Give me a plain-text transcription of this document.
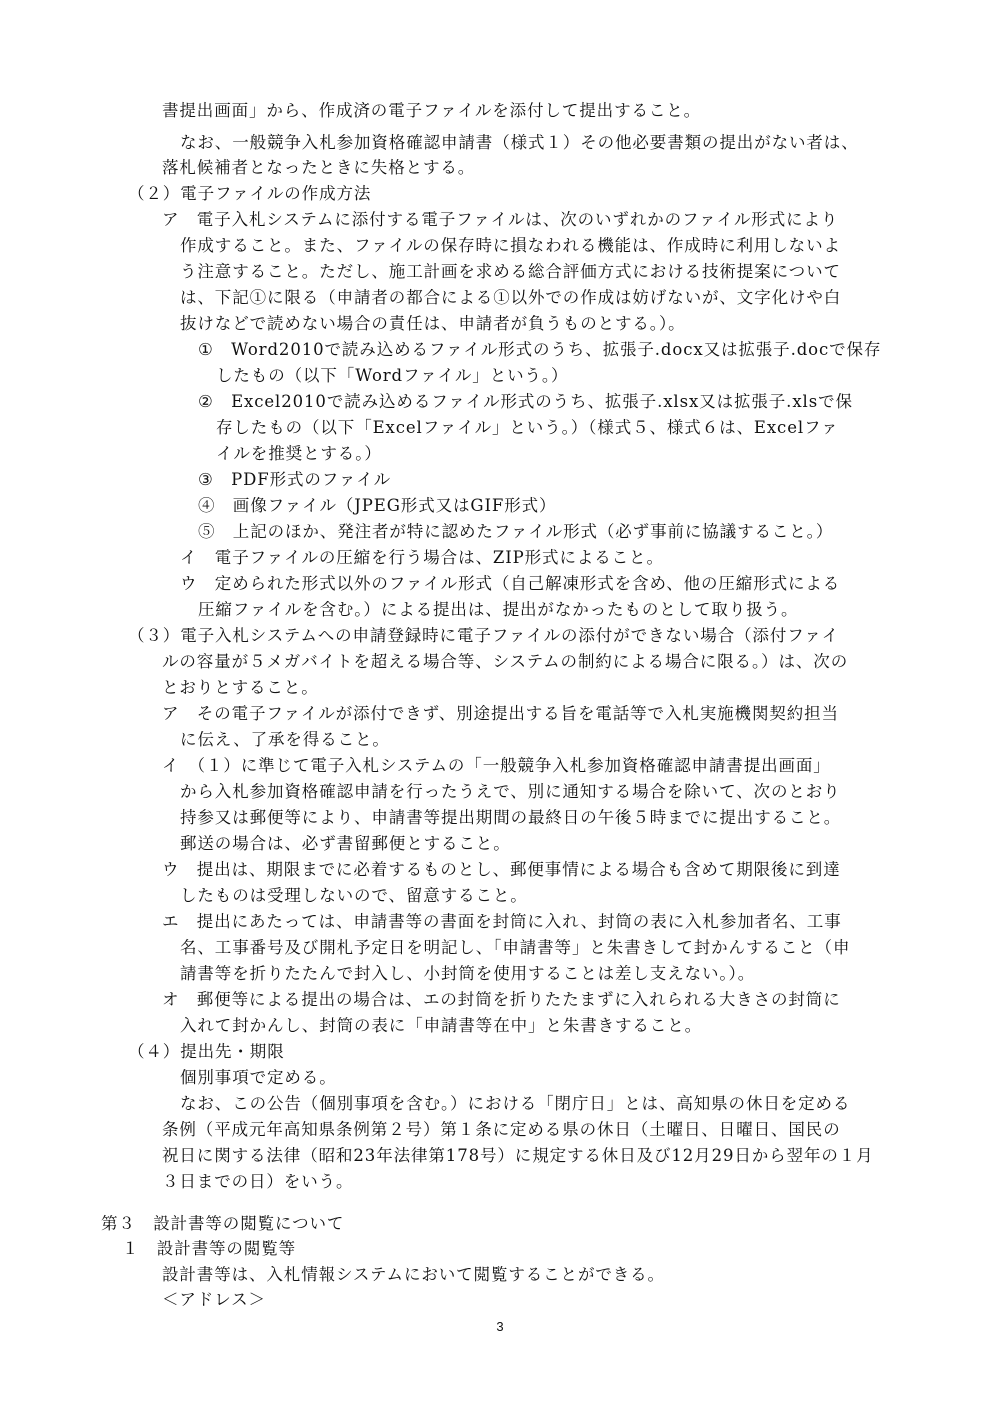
書提出画面」から、作成済の電子ファイルを添付して提出すること。
なお、一般競争入札参加資格確認申請書（様式１）その他必要書類の提出がない者は、
落札候補者となったときに失格とする。
（２）電子ファイルの作成方法
ア　電子入札システムに添付する電子ファイルは、次のいずれかのファイル形式により
作成すること。また、ファイルの保存時に損なわれる機能は、作成時に利用しないよ
う注意すること。ただし、施工計画を求める総合評価方式における技術提案について
は、下記①に限る（申請者の都合による①以外での作成は妨げないが、文字化けや白
抜けなどで読めない場合の責任は、申請者が負うものとする。）。
①　Word2010で読み込めるファイル形式のうち、拡張子.docx又は拡張子.docで保存
したもの（以下「Wordファイル」という。）
②　Excel2010で読み込めるファイル形式のうち、拡張子.xlsx又は拡張子.xlsで保
存したもの（以下「Excelファイル」という。）（様式５、様式６は、Excelファ
イルを推奨とする。）
③　PDF形式のファイル
④　画像ファイル（JPEG形式又はGIF形式）
⑤　上記のほか、発注者が特に認めたファイル形式（必ず事前に協議すること。）
イ　電子ファイルの圧縮を行う場合は、ZIP形式によること。
ウ　定められた形式以外のファイル形式（自己解凍形式を含め、他の圧縮形式による
圧縮ファイルを含む。）による提出は、提出がなかったものとして取り扱う。
（３）電子入札システムへの申請登録時に電子ファイルの添付ができない場合（添付ファイ
ルの容量が５メガバイトを超える場合等、システムの制約による場合に限る。）は、次の
とおりとすること。
ア　その電子ファイルが添付できず、別途提出する旨を電話等で入札実施機関契約担当
に伝え、了承を得ること。
イ　（１）に準じて電子入札システムの「一般競争入札参加資格確認申請書提出画面」
から入札参加資格確認申請を行ったうえで、別に通知する場合を除いて、次のとおり
持参又は郵便等により、申請書等提出期間の最終日の午後５時までに提出すること。
郵送の場合は、必ず書留郵便とすること。
ウ　提出は、期限までに必着するものとし、郵便事情による場合も含めて期限後に到達
したものは受理しないので、留意すること。
エ　提出にあたっては、申請書等の書面を封筒に入れ、封筒の表に入札参加者名、工事
名、工事番号及び開札予定日を明記し、「申請書等」と朱書きして封かんすること（申
請書等を折りたたんで封入し、小封筒を使用することは差し支えない。）。
オ　郵便等による提出の場合は、エの封筒を折りたたまずに入れられる大きさの封筒に
入れて封かんし、封筒の表に「申請書等在中」と朱書きすること。
（４）提出先・期限
個別事項で定める。
なお、この公告（個別事項を含む。）における「閉庁日」とは、高知県の休日を定める
条例（平成元年高知県条例第２号）第１条に定める県の休日（土曜日、日曜日、国民の
祝日に関する法律（昭和23年法律第178号）に規定する休日及び12月29日から翌年の１月
３日までの日）をいう。
第３　設計書等の閲覧について
１　設計書等の閲覧等
設計書等は、入札情報システムにおいて閲覧することができる。
＜アドレス＞
3
